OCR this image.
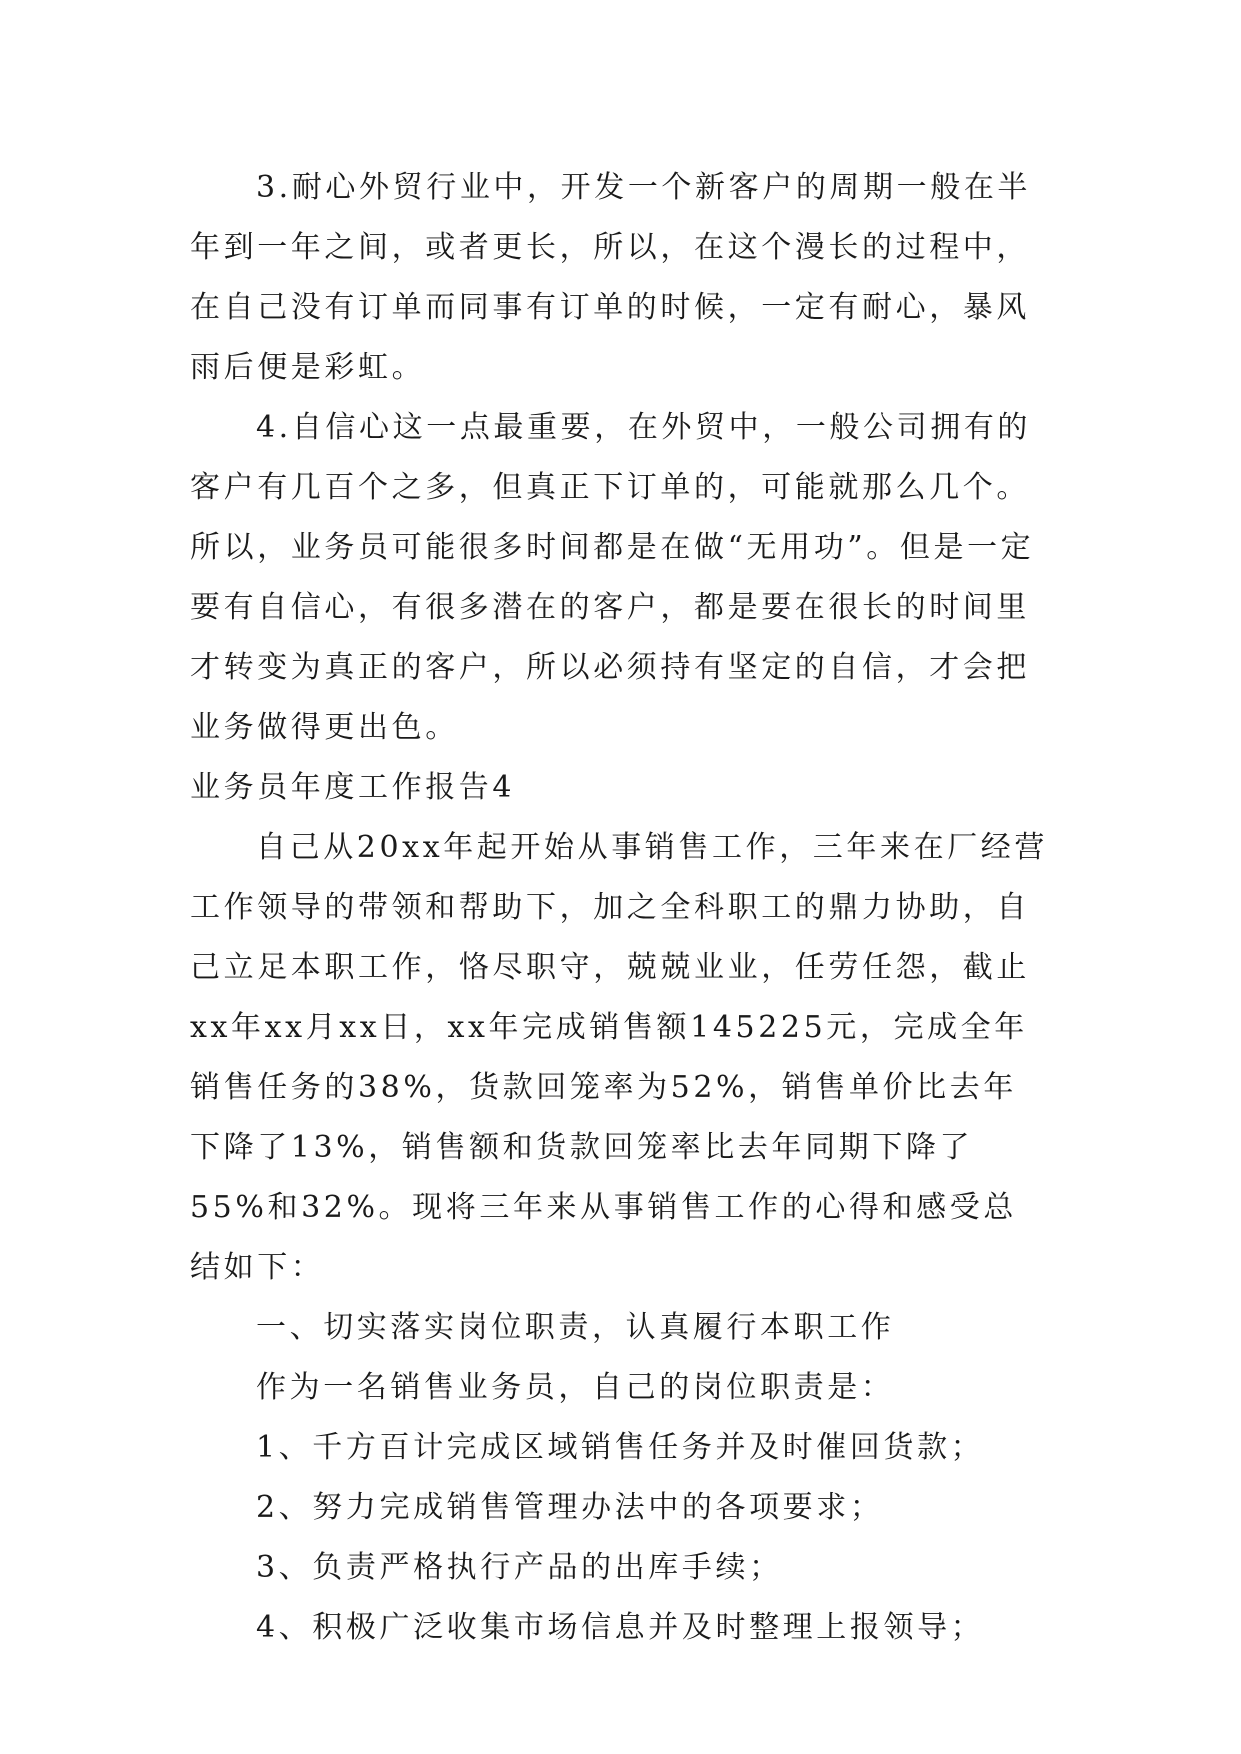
3.耐心外贸行业中，开发一个新客户的周期一般在半年到一年之间，或者更长，所以，在这个漫长的过程中，在自己没有订单而同事有订单的时候，一定有耐心，暴风雨后便是彩虹。

4.自信心这一点最重要，在外贸中，一般公司拥有的客户有几百个之多，但真正下订单的，可能就那么几个。所以，业务员可能很多时间都是在做“无用功”。但是一定要有自信心，有很多潜在的客户，都是要在很长的时间里才转变为真正的客户，所以必须持有坚定的自信，才会把业务做得更出色。

业务员年度工作报告4

自己从20xx年起开始从事销售工作，三年来在厂经营工作领导的带领和帮助下，加之全科职工的鼎力协助，自己立足本职工作，恪尽职守，兢兢业业，任劳任怨，截止xx年xx月xx日，xx年完成销售额145225元，完成全年销售任务的38%，货款回笼率为52%，销售单价比去年下降了13%，销售额和货款回笼率比去年同期下降了55%和32%。现将三年来从事销售工作的心得和感受总结如下：

一、切实落实岗位职责，认真履行本职工作

作为一名销售业务员，自己的岗位职责是：

1、千方百计完成区域销售任务并及时催回货款；

2、努力完成销售管理办法中的各项要求；

3、负责严格执行产品的出库手续；

4、积极广泛收集市场信息并及时整理上报领导；
